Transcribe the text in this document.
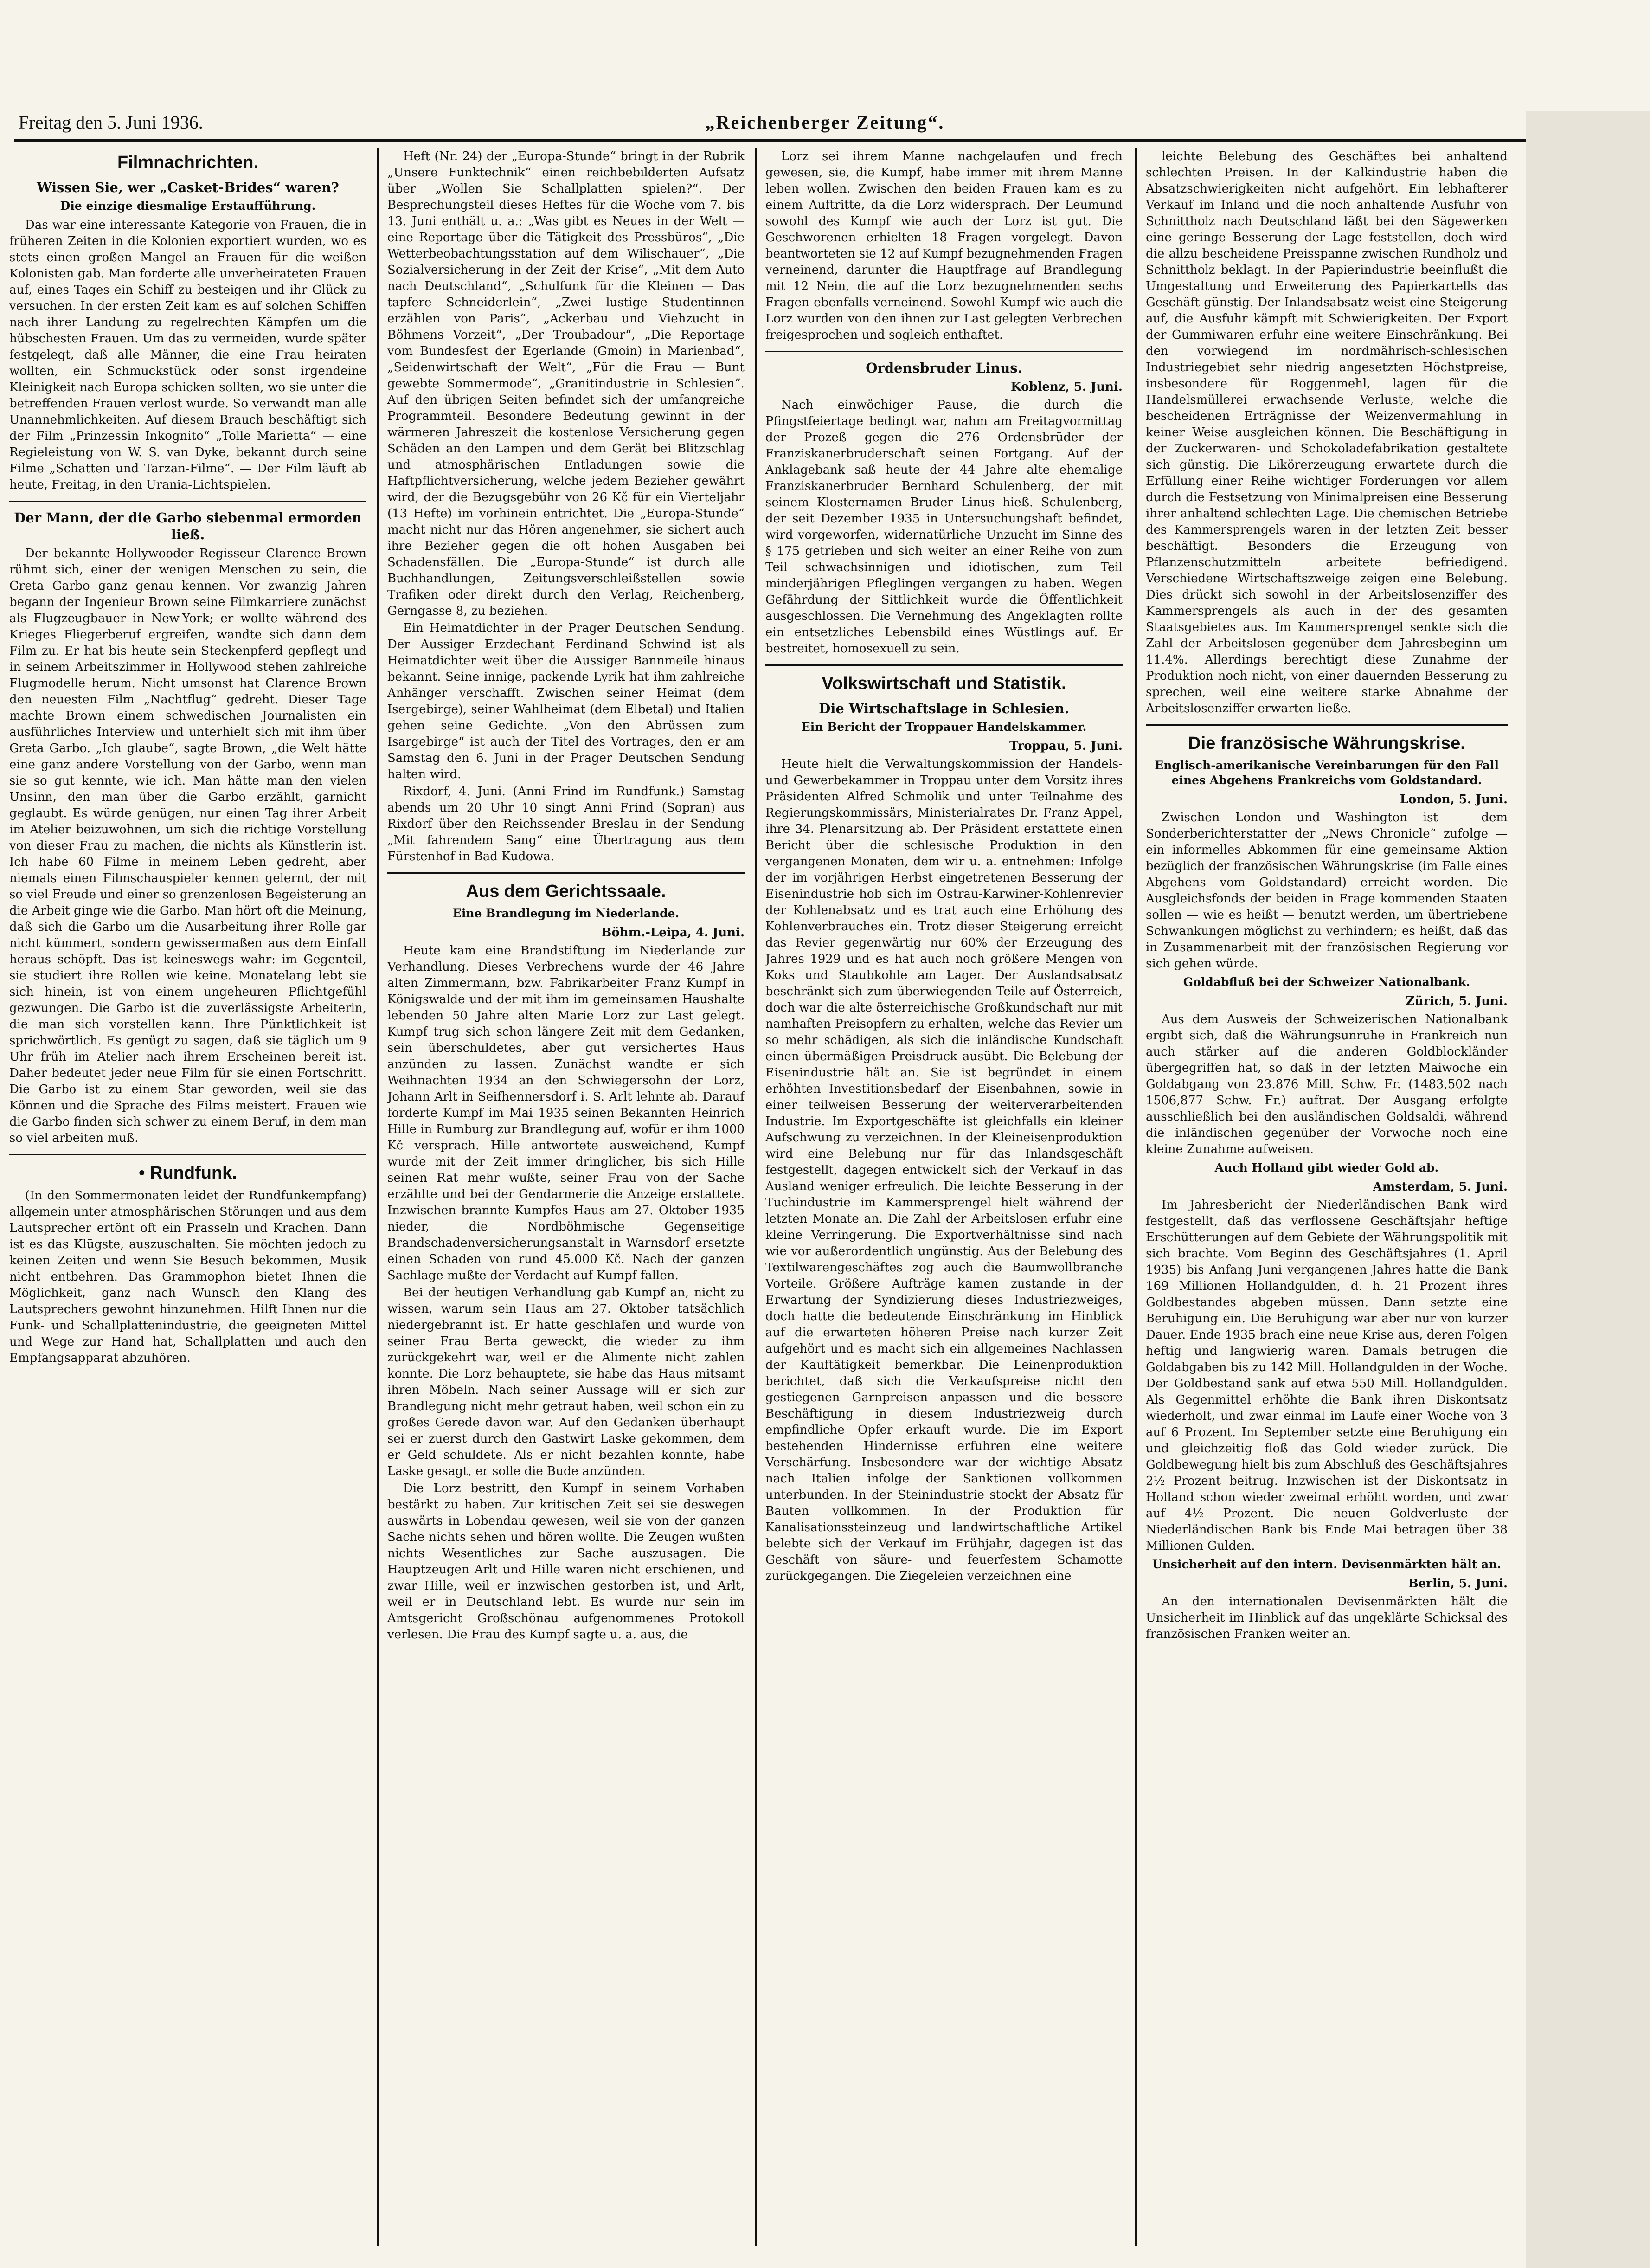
Freitag den 5. Juni 1936.	„Reichenberger Zeitung“.
Filmnachrichten.
Wissen Sie, wer „Casket-Brides“ waren?
Die einzige diesmalige Erstaufführung.

Das war eine interessante Kategorie von Frauen, die in früheren Zeiten in die Kolonien exportiert wurden, wo es stets einen großen Mangel an Frauen für die weißen Kolonisten gab. Man forderte alle unverheirateten Frauen auf, eines Tages ein Schiff zu besteigen und ihr Glück zu versuchen. In der ersten Zeit kam es auf solchen Schiffen nach ihrer Landung zu regelrechten Kämpfen um die hübschesten Frauen. Um das zu vermeiden, wurde später festgelegt, daß alle Männer, die eine Frau heiraten wollten, ein Schmuckstück oder sonst irgendeine Kleinigkeit nach Europa schicken sollten, wo sie unter die betreffenden Frauen verlost wurde. So verwandt man alle Unannehmlichkeiten. Auf diesem Brauch beschäftigt sich der Film „Prinzessin Inkognito“ „Tolle Marietta“ — eine Regieleistung von W. S. van Dyke, bekannt durch seine Filme „Schatten und Tarzan-Filme“. — Der Film läuft ab heute, Freitag, in den Urania-Lichtspielen.

Der Mann, der die Garbo siebenmal ermorden ließ.

Der bekannte Hollywooder Regisseur Clarence Brown rühmt sich, einer der wenigen Menschen zu sein, die Greta Garbo ganz genau kennen. Vor zwanzig Jahren begann der Ingenieur Brown seine Filmkarriere zunächst als Flugzeugbauer in New-York; er wollte während des Krieges Fliegerberuf ergreifen, wandte sich dann dem Film zu. Er hat bis heute sein Steckenpferd gepflegt und in seinem Arbeitszimmer in Hollywood stehen zahlreiche Flugmodelle herum. Nicht umsonst hat Clarence Brown den neuesten Film „Nachtflug“ gedreht. Dieser Tage machte Brown einem schwedischen Journalisten ein ausführliches Interview und unterhielt sich mit ihm über Greta Garbo. „Ich glaube“, sagte Brown, „die Welt hätte eine ganz andere Vorstellung von der Garbo, wenn man sie so gut kennte, wie ich. Man hätte man den vielen Unsinn, den man über die Garbo erzählt, garnicht geglaubt. Es würde genügen, nur einen Tag ihrer Arbeit im Atelier beizuwohnen, um sich die richtige Vorstellung von dieser Frau zu machen, die nichts als Künstlerin ist. Ich habe 60 Filme in meinem Leben gedreht, aber niemals einen Filmschauspieler kennen gelernt, der mit so viel Freude und einer so grenzenlosen Begeisterung an die Arbeit ginge wie die Garbo. Man hört oft die Meinung, daß sich die Garbo um die Ausarbeitung ihrer Rolle gar nicht kümmert, sondern gewissermaßen aus dem Einfall heraus schöpft. Das ist keineswegs wahr: im Gegenteil, sie studiert ihre Rollen wie keine. Monatelang lebt sie sich hinein, ist von einem ungeheuren Pflichtgefühl gezwungen. Die Garbo ist die zuverlässigste Arbeiterin, die man sich vorstellen kann. Ihre Pünktlichkeit ist sprichwörtlich. Es genügt zu sagen, daß sie täglich um 9 Uhr früh im Atelier nach ihrem Erscheinen bereit ist. Daher bedeutet jeder neue Film für sie einen Fortschritt. Die Garbo ist zu einem Star geworden, weil sie das Können und die Sprache des Films meistert. Frauen wie die Garbo finden sich schwer zu einem Beruf, in dem man so viel arbeiten muß.

• Rundfunk.

(In den Sommermonaten leidet der Rundfunkempfang) allgemein unter atmosphärischen Störungen und aus dem Lautsprecher ertönt oft ein Prasseln und Krachen. Dann ist es das Klügste, auszuschalten. Sie möchten jedoch zu keinen Zeiten und wenn Sie Besuch bekommen, Musik nicht entbehren. Das Grammophon bietet Ihnen die Möglichkeit, ganz nach Wunsch den Klang des Lautsprechers gewohnt hinzunehmen. Hilft Ihnen nur die Funk- und Schallplattenindustrie, die geeigneten Mittel und Wege zur Hand hat, Schallplatten und auch den Empfangsapparat abzuhören.

Heft (Nr. 24) der „Europa-Stunde“ bringt in der Rubrik „Unsere Funktechnik“ einen reichbebilderten Aufsatz über „Wollen Sie Schallplatten spielen?“. Der Besprechungsteil dieses Heftes für die Woche vom 7. bis 13. Juni enthält u. a.: „Was gibt es Neues in der Welt — eine Reportage über die Tätigkeit des Pressbüros“, „Die Wetterbeobachtungsstation auf dem Wilischauer“, „Die Sozialversicherung in der Zeit der Krise“, „Mit dem Auto nach Deutschland“, „Schulfunk für die Kleinen — Das tapfere Schneiderlein“, „Zwei lustige Studentinnen erzählen von Paris“, „Ackerbau und Viehzucht in Böhmens Vorzeit“, „Der Troubadour“, „Die Reportage vom Bundesfest der Egerlande (Gmoin) in Marienbad“, „Seidenwirtschaft der Welt“, „Für die Frau — Bunt gewebte Sommermode“, „Granitindustrie in Schlesien“. Auf den übrigen Seiten befindet sich der umfangreiche Programmteil. Besondere Bedeutung gewinnt in der wärmeren Jahreszeit die kostenlose Versicherung gegen Schäden an den Lampen und dem Gerät bei Blitzschlag und atmosphärischen Entladungen sowie die Haftpflichtversicherung, welche jedem Bezieher gewährt wird, der die Bezugsgebühr von 26 Kč für ein Vierteljahr (13 Hefte) im vorhinein entrichtet. Die „Europa-Stunde“ macht nicht nur das Hören angenehmer, sie sichert auch ihre Bezieher gegen die oft hohen Ausgaben bei Schadensfällen. Die „Europa-Stunde“ ist durch alle Buchhandlungen, Zeitungsverschleißstellen sowie Trafiken oder direkt durch den Verlag, Reichenberg, Gerngasse 8, zu beziehen.

Ein Heimatdichter in der Prager Deutschen Sendung. Der Aussiger Erzdechant Ferdinand Schwind ist als Heimatdichter weit über die Aussiger Bannmeile hinaus bekannt. Seine innige, packende Lyrik hat ihm zahlreiche Anhänger verschafft. Zwischen seiner Heimat (dem Isergebirge), seiner Wahlheimat (dem Elbetal) und Italien gehen seine Gedichte. „Von den Abrüssen zum Isargebirge“ ist auch der Titel des Vortrages, den er am Samstag den 6. Juni in der Prager Deutschen Sendung halten wird.

Rixdorf, 4. Juni. (Anni Frind im Rundfunk.) Samstag abends um 20 Uhr 10 singt Anni Frind (Sopran) aus Rixdorf über den Reichssender Breslau in der Sendung „Mit fahrendem Sang“ eine Übertragung aus dem Fürstenhof in Bad Kudowa.

Aus dem Gerichtssaale.
Eine Brandlegung im Niederlande.
Böhm.-Leipa, 4. Juni.

Heute kam eine Brandstiftung im Niederlande zur Verhandlung. Dieses Verbrechens wurde der 46 Jahre alten Zimmermann, bzw. Fabrikarbeiter Franz Kumpf in Königswalde und der mit ihm im gemeinsamen Haushalte lebenden 50 Jahre alten Marie Lorz zur Last gelegt. Kumpf trug sich schon längere Zeit mit dem Gedanken, sein überschuldetes, aber gut versichertes Haus anzünden zu lassen. Zunächst wandte er sich Weihnachten 1934 an den Schwiegersohn der Lorz, Johann Arlt in Seifhennersdorf i. S. Arlt lehnte ab. Darauf forderte Kumpf im Mai 1935 seinen Bekannten Heinrich Hille in Rumburg zur Brandlegung auf, wofür er ihm 1000 Kč versprach. Hille antwortete ausweichend, Kumpf wurde mit der Zeit immer dringlicher, bis sich Hille seinen Rat mehr wußte, seiner Frau von der Sache erzählte und bei der Gendarmerie die Anzeige erstattete. Inzwischen brannte Kumpfes Haus am 27. Oktober 1935 nieder, die Nordböhmische Gegenseitige Brandschadenversicherungsanstalt in Warnsdorf ersetzte einen Schaden von rund 45.000 Kč. Nach der ganzen Sachlage mußte der Verdacht auf Kumpf fallen.

Bei der heutigen Verhandlung gab Kumpf an, nicht zu wissen, warum sein Haus am 27. Oktober tatsächlich niedergebrannt ist. Er hatte geschlafen und wurde von seiner Frau Berta geweckt, die wieder zu ihm zurückgekehrt war, weil er die Alimente nicht zahlen konnte. Die Lorz behauptete, sie habe das Haus mitsamt ihren Möbeln. Nach seiner Aussage will er sich zur Brandlegung nicht mehr getraut haben, weil schon ein zu großes Gerede davon war. Auf den Gedanken überhaupt sei er zuerst durch den Gastwirt Laske gekommen, dem er Geld schuldete. Als er nicht bezahlen konnte, habe Laske gesagt, er solle die Bude anzünden.

Die Lorz bestritt, den Kumpf in seinem Vorhaben bestärkt zu haben. Zur kritischen Zeit sei sie deswegen auswärts in Lobendau gewesen, weil sie von der ganzen Sache nichts sehen und hören wollte. Die Zeugen wußten nichts Wesentliches zur Sache auszusagen. Die Hauptzeugen Arlt und Hille waren nicht erschienen, und zwar Hille, weil er inzwischen gestorben ist, und Arlt, weil er in Deutschland lebt. Es wurde nur sein im Amtsgericht Großschönau aufgenommenes Protokoll verlesen. Die Frau des Kumpf sagte u. a. aus, die

Lorz sei ihrem Manne nachgelaufen und frech gewesen, sie, die Kumpf, habe immer mit ihrem Manne leben wollen. Zwischen den beiden Frauen kam es zu einem Auftritte, da die Lorz widersprach. Der Leumund sowohl des Kumpf wie auch der Lorz ist gut. Die Geschworenen erhielten 18 Fragen vorgelegt. Davon beantworteten sie 12 auf Kumpf bezugnehmenden Fragen verneinend, darunter die Hauptfrage auf Brandlegung mit 12 Nein, die auf die Lorz bezugnehmenden sechs Fragen ebenfalls verneinend. Sowohl Kumpf wie auch die Lorz wurden von den ihnen zur Last gelegten Verbrechen freigesprochen und sogleich enthaftet.

Ordensbruder Linus.
Koblenz, 5. Juni.

Nach einwöchiger Pause, die durch die Pfingstfeiertage bedingt war, nahm am Freitagvormittag der Prozeß gegen die 276 Ordensbrüder der Franziskanerbruderschaft seinen Fortgang. Auf der Anklagebank saß heute der 44 Jahre alte ehemalige Franziskanerbruder Bernhard Schulenberg, der mit seinem Klosternamen Bruder Linus hieß. Schulenberg, der seit Dezember 1935 in Untersuchungshaft befindet, wird vorgeworfen, widernatürliche Unzucht im Sinne des § 175 getrieben und sich weiter an einer Reihe von zum Teil schwachsinnigen und idiotischen, zum Teil minderjährigen Pfleglingen vergangen zu haben. Wegen Gefährdung der Sittlichkeit wurde die Öffentlichkeit ausgeschlossen. Die Vernehmung des Angeklagten rollte ein entsetzliches Lebensbild eines Wüstlings auf. Er bestreitet, homosexuell zu sein.

Volkswirtschaft und Statistik.
Die Wirtschaftslage in Schlesien.
Ein Bericht der Troppauer Handelskammer.
Troppau, 5. Juni.

Heute hielt die Verwaltungskommission der Handels- und Gewerbekammer in Troppau unter dem Vorsitz ihres Präsidenten Alfred Schmolik und unter Teilnahme des Regierungskommissärs, Ministerialrates Dr. Franz Appel, ihre 34. Plenarsitzung ab. Der Präsident erstattete einen Bericht über die schlesische Produktion in den vergangenen Monaten, dem wir u. a. entnehmen: Infolge der im vorjährigen Herbst eingetretenen Besserung der Eisenindustrie hob sich im Ostrau-Karwiner-Kohlenrevier der Kohlenabsatz und es trat auch eine Erhöhung des Kohlenverbrauches ein. Trotz dieser Steigerung erreicht das Revier gegenwärtig nur 60% der Erzeugung des Jahres 1929 und es hat auch noch größere Mengen von Koks und Staubkohle am Lager. Der Auslandsabsatz beschränkt sich zum überwiegenden Teile auf Österreich, doch war die alte österreichische Großkundschaft nur mit namhaften Preisopfern zu erhalten, welche das Revier um so mehr schädigen, als sich die inländische Kundschaft einen übermäßigen Preisdruck ausübt. Die Belebung der Eisenindustrie hält an. Sie ist begründet in einem erhöhten Investitionsbedarf der Eisenbahnen, sowie in einer teilweisen Besserung der weiterverarbeitenden Industrie. Im Exportgeschäfte ist gleichfalls ein kleiner Aufschwung zu verzeichnen. In der Kleineisenproduktion wird eine Belebung nur für das Inlandsgeschäft festgestellt, dagegen entwickelt sich der Verkauf in das Ausland weniger erfreulich. Die leichte Besserung in der Tuchindustrie im Kammersprengel hielt während der letzten Monate an. Die Zahl der Arbeitslosen erfuhr eine kleine Verringerung. Die Exportverhältnisse sind nach wie vor außerordentlich ungünstig. Aus der Belebung des Textilwarengeschäftes zog auch die Baumwollbranche Vorteile. Größere Aufträge kamen zustande in der Erwartung der Syndizierung dieses Industriezweiges, doch hatte die bedeutende Einschränkung im Hinblick auf die erwarteten höheren Preise nach kurzer Zeit aufgehört und es macht sich ein allgemeines Nachlassen der Kauftätigkeit bemerkbar. Die Leinenproduktion berichtet, daß sich die Verkaufspreise nicht den gestiegenen Garnpreisen anpassen und die bessere Beschäftigung in diesem Industriezweig durch empfindliche Opfer erkauft wurde. Die im Export bestehenden Hindernisse erfuhren eine weitere Verschärfung. Insbesondere war der wichtige Absatz nach Italien infolge der Sanktionen vollkommen unterbunden. In der Steinindustrie stockt der Absatz für Bauten vollkommen. In der Produktion für Kanalisationssteinzeug und landwirtschaftliche Artikel belebte sich der Verkauf im Frühjahr, dagegen ist das Geschäft von säure- und feuerfestem Schamotte zurückgegangen. Die Ziegeleien verzeichnen eine

leichte Belebung des Geschäftes bei anhaltend schlechten Preisen. In der Kalkindustrie haben die Absatzschwierigkeiten nicht aufgehört. Ein lebhafterer Verkauf im Inland und die noch anhaltende Ausfuhr von Schnittholz nach Deutschland läßt bei den Sägewerken eine geringe Besserung der Lage feststellen, doch wird die allzu bescheidene Preisspanne zwischen Rundholz und Schnittholz beklagt. In der Papierindustrie beeinflußt die Umgestaltung und Erweiterung des Papierkartells das Geschäft günstig. Der Inlandsabsatz weist eine Steigerung auf, die Ausfuhr kämpft mit Schwierigkeiten. Der Export der Gummiwaren erfuhr eine weitere Einschränkung. Bei den vorwiegend im nordmährisch-schlesischen Industriegebiet sehr niedrig angesetzten Höchstpreise, insbesondere für Roggenmehl, lagen für die Handelsmüllerei erwachsende Verluste, welche die bescheidenen Erträgnisse der Weizenvermahlung in keiner Weise ausgleichen können. Die Beschäftigung in der Zuckerwaren- und Schokoladefabrikation gestaltete sich günstig. Die Likörerzeugung erwartete durch die Erfüllung einer Reihe wichtiger Forderungen vor allem durch die Festsetzung von Minimalpreisen eine Besserung ihrer anhaltend schlechten Lage. Die chemischen Betriebe des Kammersprengels waren in der letzten Zeit besser beschäftigt. Besonders die Erzeugung von Pflanzenschutzmitteln arbeitete befriedigend. Verschiedene Wirtschaftszweige zeigen eine Belebung. Dies drückt sich sowohl in der Arbeitslosenziffer des Kammersprengels als auch in der des gesamten Staatsgebietes aus. Im Kammersprengel senkte sich die Zahl der Arbeitslosen gegenüber dem Jahresbeginn um 11.4%. Allerdings berechtigt diese Zunahme der Produktion noch nicht, von einer dauernden Besserung zu sprechen, weil eine weitere starke Abnahme der Arbeitslosenziffer erwarten ließe.

Die französische Währungskrise.
Englisch-amerikanische Vereinbarungen für den Fall eines Abgehens Frankreichs vom Goldstandard.
London, 5. Juni.

Zwischen London und Washington ist — dem Sonderberichterstatter der „News Chronicle“ zufolge — ein informelles Abkommen für eine gemeinsame Aktion bezüglich der französischen Währungskrise (im Falle eines Abgehens vom Goldstandard) erreicht worden. Die Ausgleichsfonds der beiden in Frage kommenden Staaten sollen — wie es heißt — benutzt werden, um übertriebene Schwankungen möglichst zu verhindern; es heißt, daß das in Zusammenarbeit mit der französischen Regierung vor sich gehen würde.

Goldabfluß bei der Schweizer Nationalbank.
Zürich, 5. Juni.

Aus dem Ausweis der Schweizerischen Nationalbank ergibt sich, daß die Währungsunruhe in Frankreich nun auch stärker auf die anderen Goldblockländer übergegriffen hat, so daß in der letzten Maiwoche ein Goldabgang von 23.876 Mill. Schw. Fr. (1483,502 nach 1506,877 Schw. Fr.) auftrat. Der Ausgang erfolgte ausschließlich bei den ausländischen Goldsaldi, während die inländischen gegenüber der Vorwoche noch eine kleine Zunahme aufweisen.

Auch Holland gibt wieder Gold ab.
Amsterdam, 5. Juni.

Im Jahresbericht der Niederländischen Bank wird festgestellt, daß das verflossene Geschäftsjahr heftige Erschütterungen auf dem Gebiete der Währungspolitik mit sich brachte. Vom Beginn des Geschäftsjahres (1. April 1935) bis Anfang Juni vergangenen Jahres hatte die Bank 169 Millionen Hollandgulden, d. h. 21 Prozent ihres Goldbestandes abgeben müssen. Dann setzte eine Beruhigung ein. Die Beruhigung war aber nur von kurzer Dauer. Ende 1935 brach eine neue Krise aus, deren Folgen heftig und langwierig waren. Damals betrugen die Goldabgaben bis zu 142 Mill. Hollandgulden in der Woche. Der Goldbestand sank auf etwa 550 Mill. Hollandgulden. Als Gegenmittel erhöhte die Bank ihren Diskontsatz wiederholt, und zwar einmal im Laufe einer Woche von 3 auf 6 Prozent. Im September setzte eine Beruhigung ein und gleichzeitig floß das Gold wieder zurück. Die Goldbewegung hielt bis zum Abschluß des Geschäftsjahres 2½ Prozent beitrug. Inzwischen ist der Diskontsatz in Holland schon wieder zweimal erhöht worden, und zwar auf 4½ Prozent. Die neuen Goldverluste der Niederländischen Bank bis Ende Mai betragen über 38 Millionen Gulden.

Unsicherheit auf den intern. Devisenmärkten hält an.
Berlin, 5. Juni.

An den internationalen Devisenmärkten hält die Unsicherheit im Hinblick auf das ungeklärte Schicksal des französischen Franken weiter an.
